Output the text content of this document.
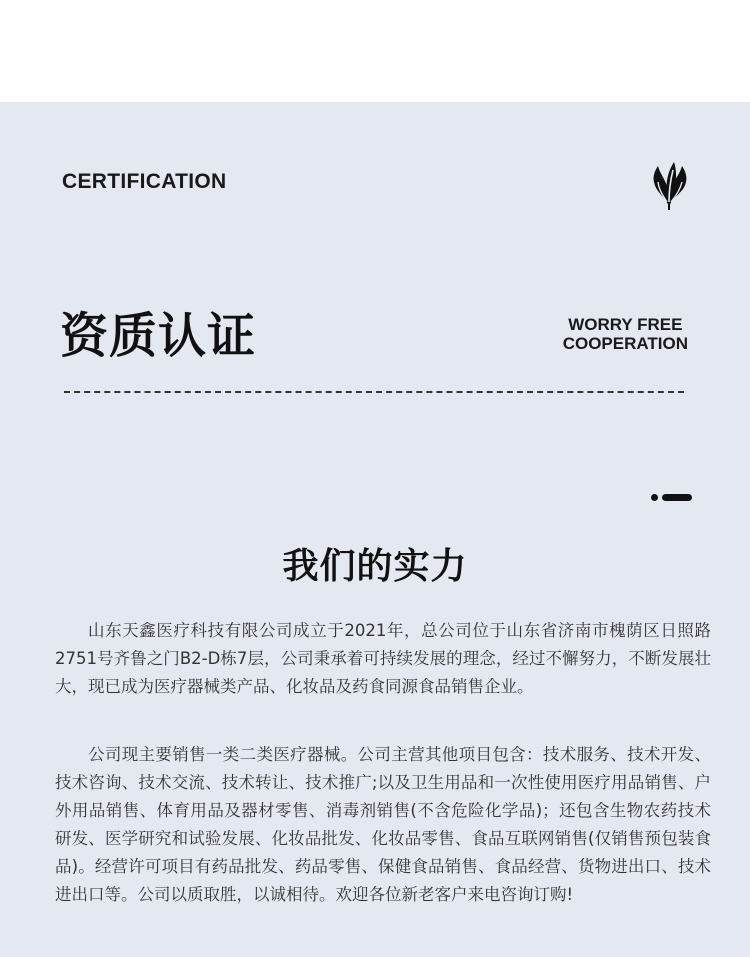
CERTIFICATION
资质认证	WORRY FREE
COOPERATION
我们的实力

山东天鑫医疗科技有限公司成立于2021年，总公司位于山东省济南市槐荫区日照路2751号齐鲁之门B2-D栋7层，公司秉承着可持续发展的理念，经过不懈努力，不断发展壮大，现已成为医疗器械类产品、化妆品及药食同源食品销售企业。

公司现主要销售一类二类医疗器械。公司主营其他项目包含：技术服务、技术开发、技术咨询、技术交流、技术转让、技术推广;以及卫生用品和一次性使用医疗用品销售、户外用品销售、体育用品及器材零售、消毒剂销售(不含危险化学品)；还包含生物农药技术研发、医学研究和试验发展、化妆品批发、化妆品零售、食品互联网销售(仅销售预包装食品)。经营许可项目有药品批发、药品零售、保健食品销售、食品经营、货物进出口、技术进出口等。公司以质取胜，以诚相待。欢迎各位新老客户来电咨询订购!
